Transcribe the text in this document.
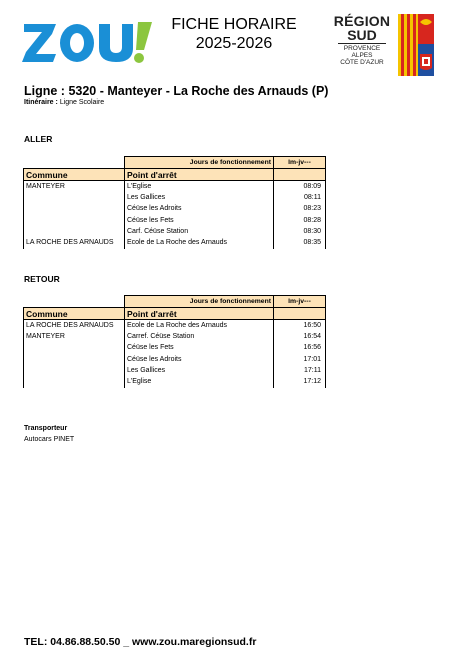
FICHE HORAIRE
2025-2026
RÉGION
SUD
PROVENCE
ALPES
CÔTE D'AZUR
Ligne : 5320 - Manteyer - La Roche des Arnauds (P)
Itinéraire : Ligne Scolaire
ALLER
	Jours de fonctionnement	lm-jv---
Commune	Point d'arrêt	
MANTEYER	L'Eglise	08:09
	Les Gallices	08:11
	Céüse les Adroits	08:23
	Céüse les Fets	08:28
	Carf. Céüse Station	08:30
LA ROCHE DES ARNAUDS	Ecole de La Roche des Arnauds	08:35
RETOUR
	Jours de fonctionnement	lm-jv---
Commune	Point d'arrêt	
LA ROCHE DES ARNAUDS	Ecole de La Roche des Arnauds	16:50
MANTEYER	Carref. Céüse Station	16:54
	Céüse les Fets	16:56
	Céüse les Adroits	17:01
	Les Gallices	17:11
	L'Eglise	17:12
Transporteur
Autocars PINET
TEL: 04.86.88.50.50 _ www.zou.maregionsud.fr
